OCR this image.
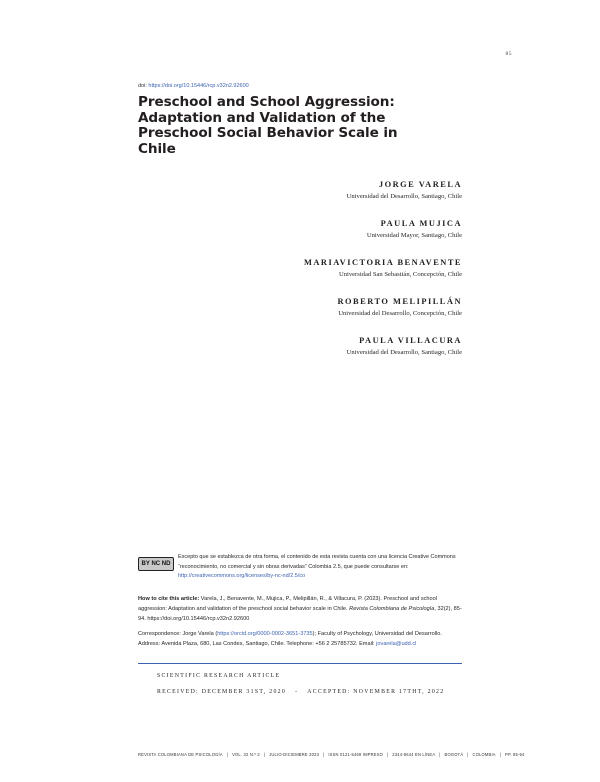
85
doi: https://doi.org/10.15446/rcp.v32n2.92600
Preschool and School Aggression: Adaptation and Validation of the Preschool Social Behavior Scale in Chile
JORGE VARELA
Universidad del Desarrollo, Santiago, Chile
PAULA MUJICA
Universidad Mayor, Santiago, Chile
MARIAVICTORIA BENAVENTE
Universidad San Sebastián, Concepción, Chile
ROBERTO MELIPILLÁN
Universidad del Desarrollo, Concepción, Chile
PAULA VILLACURA
Universidad del Desarrollo, Santiago, Chile
BY NC ND
Excepto que se establezca de otra forma, el contenido de esta revista cuenta con una licencia Creative Commons “reconocimiento, no comercial y sin obras derivadas” Colombia 2.5, que puede consultarse en: http://creativecommons.org/licenses/by-nc-nd/2.5/co
How to cite this article: Varela, J., Benavente, M., Mujica, P., Melipillán, R., & Villacura, P. (2023). Preschool and school aggression: Adaptation and validation of the preschool social behavior scale in Chile. Revista Colombiana de Psicología, 32(2), 85-94. https://doi.org/10.15446/rcp.v32n2.92600
Correspondence: Jorge Varela (https://orcid.org/0000-0002-3651-3735); Faculty of Psychology, Universidad del Desarrollo. Address: Avenida Plaza, 680, Las Condes, Santiago, Chile. Telephone: +56 2 25785732. Email: jovarela@udd.cl
SCIENTIFIC RESEARCH ARTICLE
RECEIVED: DECEMBER 31ST, 2020 - ACCEPTED: NOVEMBER 17THT, 2022
REVISTA COLOMBIANA DE PSICOLOGÍA | VOL. 32 N.º 2 | JULIO-DICIEMBRE 2023 | ISSN 0121-5469 IMPRESO | 2344-8644 EN LÍNEA | BOGOTÁ | COLOMBIA | PP. 85-94
